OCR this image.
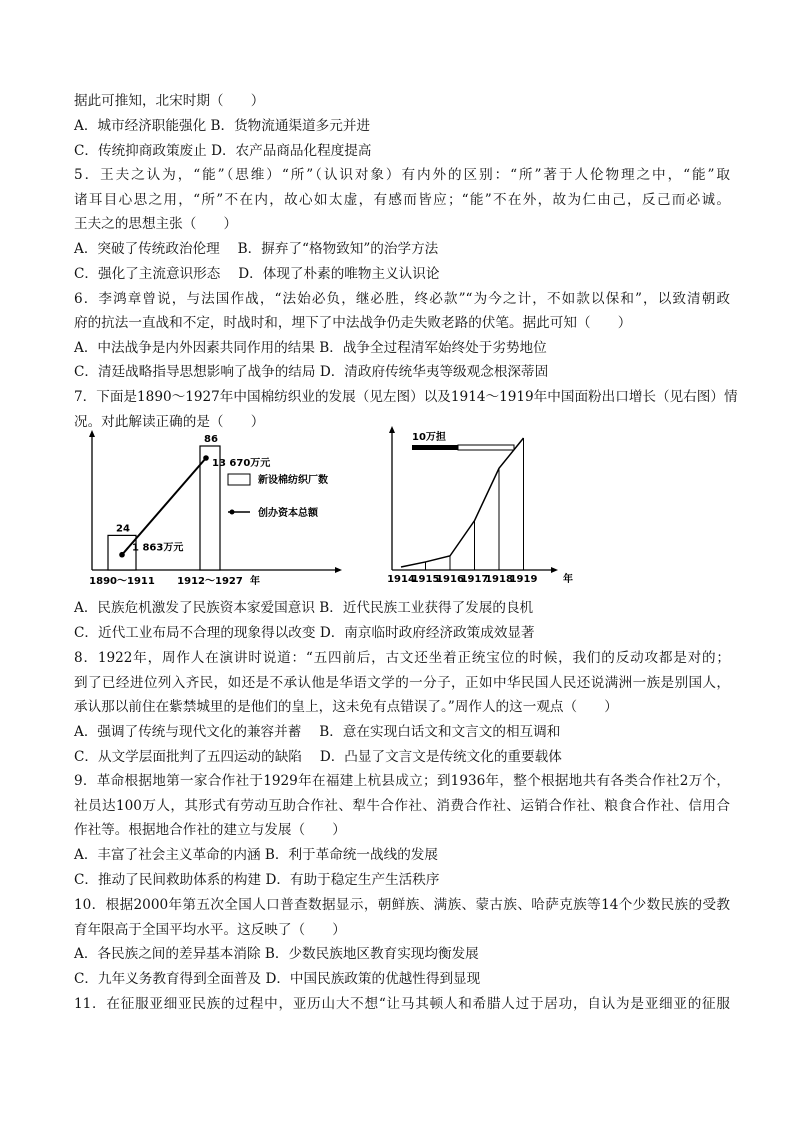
据此可推知，北宋时期（　　）
A．城市经济职能强化 B．货物流通渠道多元并进
C．传统抑商政策废止 D．农产品商品化程度提高
5．王夫之认为，“能”（思维）“所”（认识对象）有内外的区别：“所”著于人伦物理之中，“能”取
诸耳目心思之用，“所”不在内，故心如太虚，有感而皆应；“能”不在外，故为仁由己，反己而必诚。
王夫之的思想主张（　　）
A．突破了传统政治伦理　 B．摒弃了“格物致知”的治学方法
C．强化了主流意识形态　 D．体现了朴素的唯物主义认识论
6．李鸿章曾说，与法国作战，“法始必负，继必胜，终必款”“为今之计，不如款以保和”，以致清朝政
府的抗法一直战和不定，时战时和，埋下了中法战争仍走失败老路的伏笔。据此可知（　　）
A．中法战争是内外因素共同作用的结果 B．战争全过程清军始终处于劣势地位
C．清廷战略指导思想影响了战争的结局 D．清政府传统华夷等级观念根深蒂固
7．下面是1890～1927年中国棉纺织业的发展（见左图）以及1914～1919年中国面粉出口增长（见右图）情
况。对此解读正确的是（　　）
24
86
1 863万元
13 670万元
1890～1911 1912～1927 年
新设棉纺织厂数
创办资本总额
10万担
1914
1915
1916
1917
1918
1919	年
A．民族危机激发了民族资本家爱国意识 B．近代民族工业获得了发展的良机
C．近代工业布局不合理的现象得以改变 D．南京临时政府经济政策成效显著
8．1922年，周作人在演讲时说道：“五四前后，古文还坐着正统宝位的时候，我们的反动攻都是对的；
到了已经进位列入齐民，如还是不承认他是华语文学的一分子，正如中华民国人民还说满洲一族是别国人，
承认那以前住在紫禁城里的是他们的皇上，这未免有点错误了。”周作人的这一观点（　　）
A．强调了传统与现代文化的兼容并蓄　 B．意在实现白话文和文言文的相互调和
C．从文学层面批判了五四运动的缺陷　 D．凸显了文言文是传统文化的重要载体
9．革命根据地第一家合作社于1929年在福建上杭县成立；到1936年，整个根据地共有各类合作社2万个，
社员达100万人，其形式有劳动互助合作社、犁牛合作社、消费合作社、运销合作社、粮食合作社、信用合
作社等。根据地合作社的建立与发展（　　）
A．丰富了社会主义革命的内涵 B．利于革命统一战线的发展
C．推动了民间救助体系的构建 D．有助于稳定生产生活秩序
10．根据2000年第五次全国人口普查数据显示，朝鲜族、满族、蒙古族、哈萨克族等14个少数民族的受教
育年限高于全国平均水平。这反映了（　　）
A．各民族之间的差异基本消除 B．少数民族地区教育实现均衡发展
C．九年义务教育得到全面普及 D．中国民族政策的优越性得到显现
11．在征服亚细亚民族的过程中，亚历山大不想“让马其顿人和希腊人过于居功，自认为是亚细亚的征服
